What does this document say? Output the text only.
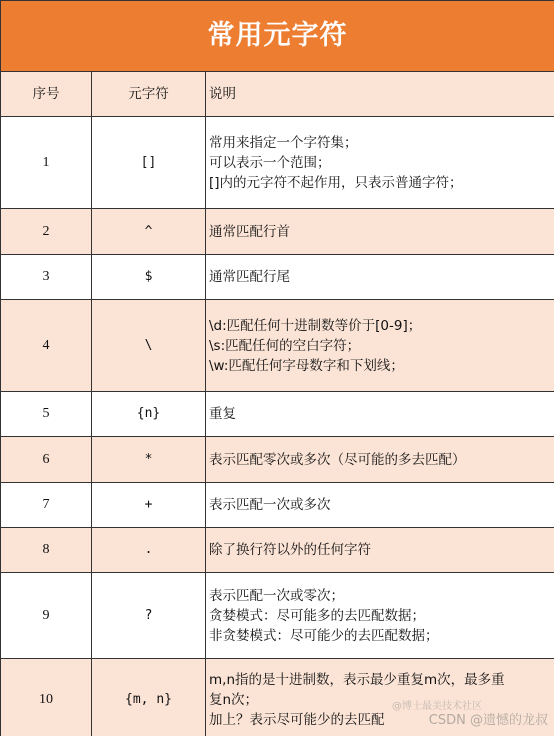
常用元字符		
序号	元字符	说明
1	[]	常用来指定一个字符集；
可以表示一个范围；
[]内的元字符不起作用，只表示普通字符；

2	^	通常匹配行首

3	$	通常匹配行尾

4	\	\d:匹配任何十进制数等价于[0-9]；
\s:匹配任何的空白字符；
\w:匹配任何字母数字和下划线；

5	{n}	重复

6	*	表示匹配零次或多次（尽可能的多去匹配）

7	+	表示匹配一次或多次

8	.	除了换行符以外的任何字符

9	?	表示匹配一次或零次；
贪婪模式：尽可能多的去匹配数据；
非贪婪模式：尽可能少的去匹配数据；

10	{m, n}	m,n指的是十进制数，表示最少重复m次，最多重
复n次；
加上？表示尽可能少的去匹配
@博士最美技术社区
CSDN @遗憾的龙叔
